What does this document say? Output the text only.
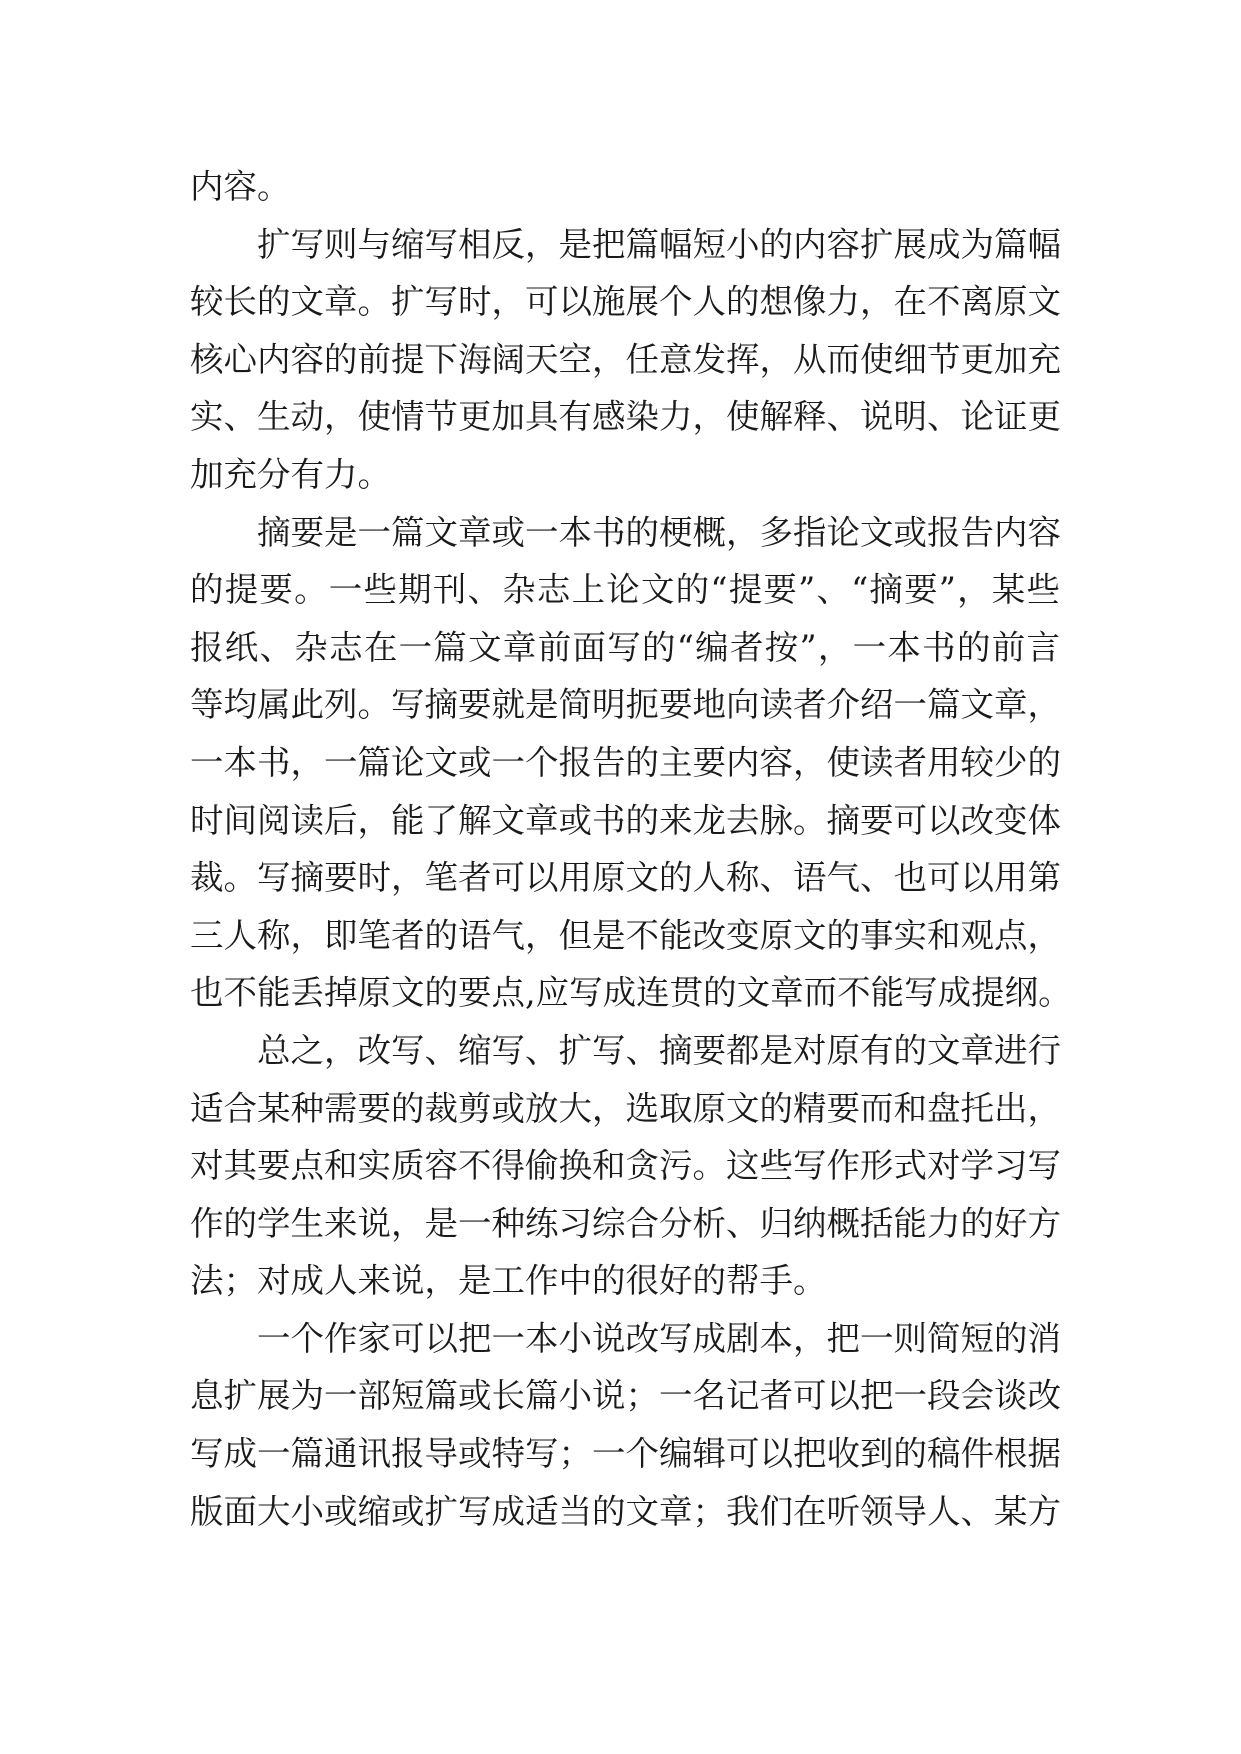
内容。
扩写则与缩写相反，是把篇幅短小的内容扩展成为篇幅
较长的文章。扩写时，可以施展个人的想像力，在不离原文
核心内容的前提下海阔天空，任意发挥，从而使细节更加充
实、生动，使情节更加具有感染力，使解释、说明、论证更
加充分有力。
摘要是一篇文章或一本书的梗概，多指论文或报告内容
的提要。一些期刊、杂志上论文的“提要”、“摘要”，某些
报纸、杂志在一篇文章前面写的“编者按”，一本书的前言
等均属此列。写摘要就是简明扼要地向读者介绍一篇文章，
一本书，一篇论文或一个报告的主要内容，使读者用较少的
时间阅读后，能了解文章或书的来龙去脉。摘要可以改变体
裁。写摘要时，笔者可以用原文的人称、语气、也可以用第
三人称，即笔者的语气，但是不能改变原文的事实和观点，
也不能丢掉原文的要点,应写成连贯的文章而不能写成提纲。
总之，改写、缩写、扩写、摘要都是对原有的文章进行
适合某种需要的裁剪或放大，选取原文的精要而和盘托出，
对其要点和实质容不得偷换和贪污。这些写作形式对学习写
作的学生来说，是一种练习综合分析、归纳概括能力的好方
法；对成人来说，是工作中的很好的帮手。
一个作家可以把一本小说改写成剧本，把一则简短的消
息扩展为一部短篇或长篇小说；一名记者可以把一段会谈改
写成一篇通讯报导或特写；一个编辑可以把收到的稿件根据
版面大小或缩或扩写成适当的文章；我们在听领导人、某方
